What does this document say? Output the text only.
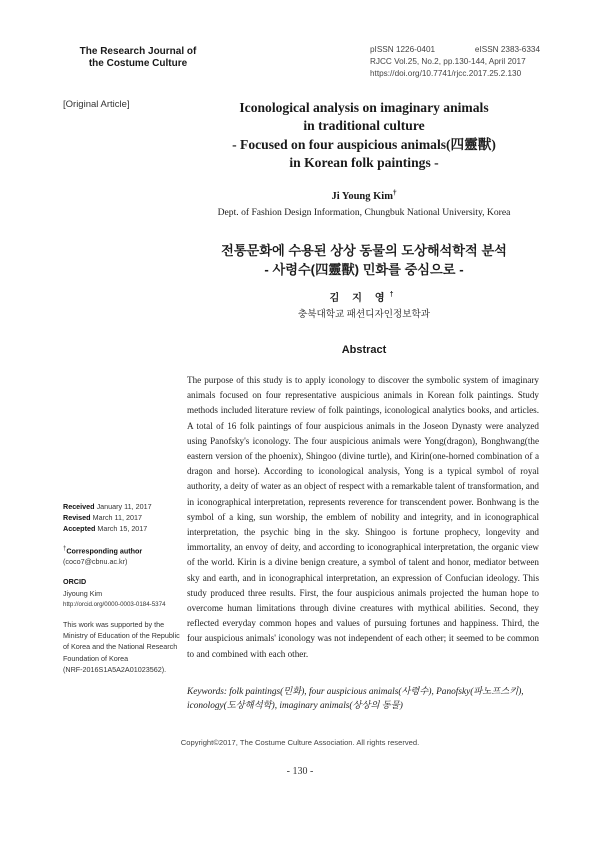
The Research Journal of
the Costume Culture
pISSN 1226-0401	eISSN 2383-6334
RJCC Vol.25, No.2, pp.130-144, April 2017
https://doi.org/10.7741/rjcc.2017.25.2.130
[Original Article]	Iconological analysis on imaginary animals
in traditional culture
- Focused on four auspicious animals(四靈獸)
in Korean folk paintings -
Ji Young Kim†
Dept. of Fashion Design Information, Chungbuk National University, Korea
전통문화에 수용된 상상 동물의 도상해석학적 분석
- 사령수(四靈獸) 민화를 중심으로 -
김 지 영†
충북대학교 패션디자인정보학과
Abstract
The purpose of this study is to apply iconology to discover the symbolic system of imaginary animals focused on four representative auspicious animals in Korean folk paintings. Study methods included literature review of folk paintings, iconological analytics books, and articles. A total of 16 folk paintings of four auspicious animals in the Joseon Dynasty were analyzed using Panofsky's iconology. The four auspicious animals were Yong(dragon), Bonghwang(the eastern version of the phoenix), Shingoo (divine turtle), and Kirin(one-horned combination of a dragon and horse). According to iconological analysis, Yong is a typical symbol of royal authority, a deity of water as an object of respect with a remarkable talent of transformation, and in iconographical interpretation, represents reverence for transcendent power. Bonhwang is the symbol of a king, sun worship, the emblem of nobility and integrity, and in iconographical interpretation, the psychic bing in the sky. Shingoo is fortune prophecy, longevity and immortality, an envoy of deity, and according to iconographical interpretation, the organic view of the world. Kirin is a divine benign creature, a symbol of talent and honor, mediator between sky and earth, and in iconographical interpretation, an expression of Confucian ideology. This study produced three results. First, the four auspicious animals projected the human hope to overcome human limitations through divine creatures with mythical abilities. Second, they reflected everyday common hopes and values of pursuing fortunes and happiness. Third, the four auspicious animals' iconology was not independent of each other; it seemed to be common to and combined with each other.
Keywords: folk paintings(민화), four auspicious animals(사령수), Panofsky(파노프스키), iconology(도상해석학), imaginary animals(상상의 동물)
Received January 11, 2017
Revised March 11, 2017
Accepted March 15, 2017
†Corresponding author
(coco7@cbnu.ac.kr)
ORCID
Jiyoung Kim
http://orcid.org/0000-0003-0184-5374
This work was supported by the Ministry of Education of the Republic of Korea and the National Research Foundation of Korea
(NRF-2016S1A5A2A01023562).
Copyright©2017, The Costume Culture Association. All rights reserved.
- 130 -
